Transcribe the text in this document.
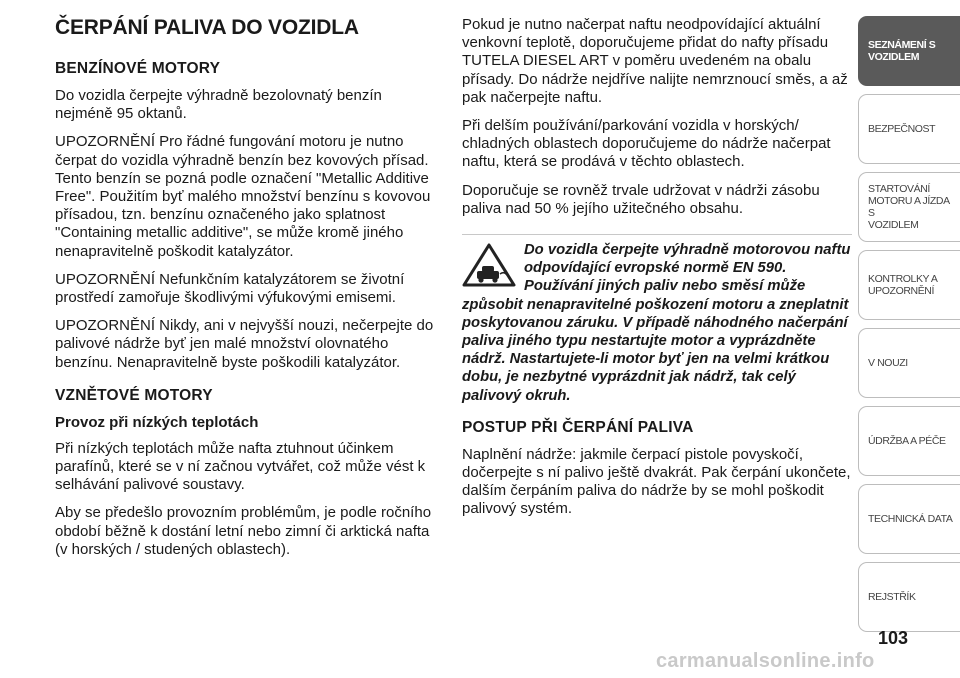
ČERPÁNÍ PALIVA DO VOZIDLA
BENZÍNOVÉ MOTORY

Do vozidla čerpejte výhradně bezolovnatý benzín nejméně 95 oktanů.

UPOZORNĚNÍ Pro řádné fungování motoru je nutno čerpat do vozidla výhradně benzín bez kovových přísad. Tento benzín se pozná podle označení "Metallic Additive Free". Použitím byť malého množství benzínu s kovovou přísadou, tzn. benzínu označeného jako splatnost "Containing metallic additive", se může kromě jiného nenapravitelně poškodit katalyzátor.

UPOZORNĚNÍ Nefunkčním katalyzátorem se životní prostředí zamořuje škodlivými výfukovými emisemi.

UPOZORNĚNÍ Nikdy, ani v nejvyšší nouzi, nečerpejte do palivové nádrže byť jen malé množství olovnatého benzínu. Nenapravitelně byste poškodili katalyzátor.

VZNĚTOVÉ MOTORY
Provoz při nízkých teplotách

Při nízkých teplotách může nafta ztuhnout účinkem parafínů, které se v ní začnou vytvářet, což může vést k selhávání palivové soustavy.

Aby se předešlo provozním problémům, je podle ročního období běžně k dostání letní nebo zimní či arktická nafta (v horských / studených oblastech).

Pokud je nutno načerpat naftu neodpovídající aktuální venkovní teplotě, doporučujeme přidat do nafty přísadu TUTELA DIESEL ART v poměru uvedeném na obalu přísady. Do nádrže nejdříve nalijte nemrznoucí směs, a až pak načerpejte naftu.

Při delším používání/parkování vozidla v horských/ chladných oblastech doporučujeme do nádrže načerpat naftu, která se prodává v těchto oblastech.

Doporučuje se rovněž trvale udržovat v nádrži zásobu paliva nad 50 % jejího užitečného obsahu.

Do vozidla čerpejte výhradně motorovou naftu odpovídající evropské normě EN 590. Používání jiných paliv nebo směsí může způsobit nenapravitelné poškození motoru a zneplatnit poskytovanou záruku. V případě náhodného načerpání paliva jiného typu nestartujte motor a vyprázdněte nádrž. Nastartujete-li motor byť jen na velmi krátkou dobu, je nezbytné vyprázdnit jak nádrž, tak celý palivový okruh.

POSTUP PŘI ČERPÁNÍ PALIVA

Naplnění nádrže: jakmile čerpací pistole povyskočí, dočerpejte s ní palivo ještě dvakrát. Pak čerpání ukončete, dalším čerpáním paliva do nádrže by se mohl poškodit palivový systém.

SEZNÁMENÍ S
VOZIDLEM
BEZPEČNOST
STARTOVÁNÍ
MOTORU A JÍZDA S
VOZIDLEM
KONTROLKY A
UPOZORNĚNÍ
V NOUZI
ÚDRŽBA A PÉČE
TECHNICKÁ DATA
REJSTŘÍK
103
carmanualsonline.info
